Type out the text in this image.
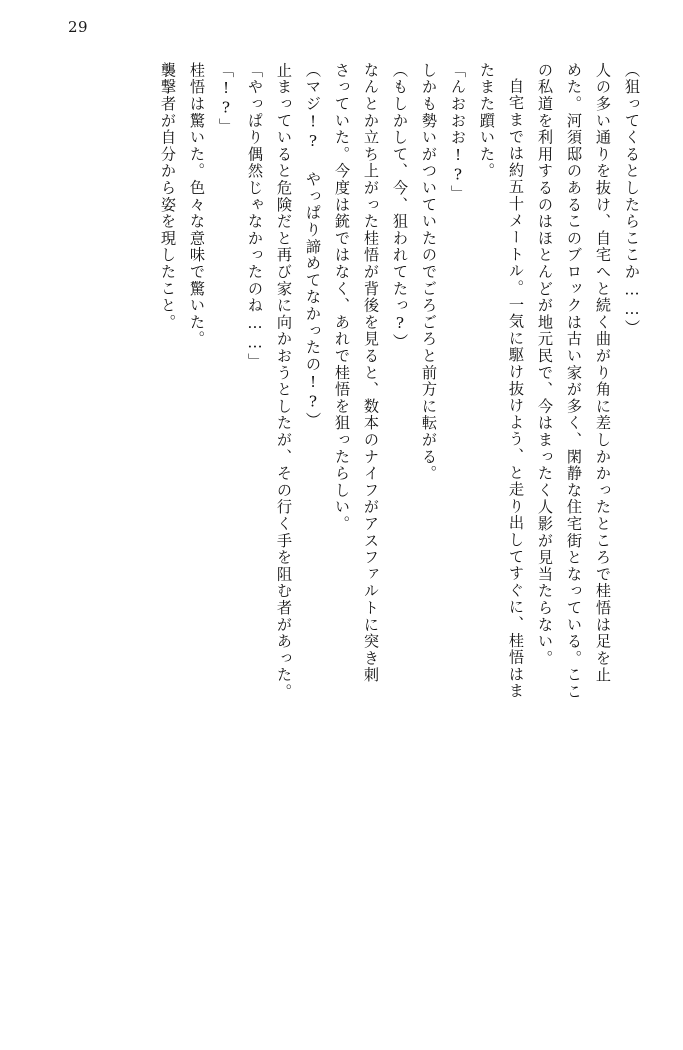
29
（狙ってくるとしたらここか……）
人の多い通りを抜け、自宅へと続く曲がり角に差しかかったところで桂悟は足を止
めた。河須邸のあるこのブロックは古い家が多く、閑静な住宅街となっている。ここ
の私道を利用するのはほとんどが地元民で、今はまったく人影が見当たらない。
自宅までは約五十メートル。一気に駆け抜けよう、と走り出してすぐに、桂悟はま
たまた躓いた。
「んおおお!?」
しかも勢いがついていたのでごろごろと前方に転がる。
（もしかして、今、狙われてたっ?）
なんとか立ち上がった桂悟が背後を見ると、数本のナイフがアスファルトに突き刺
さっていた。今度は銃ではなく、あれで桂悟を狙ったらしい。
（マジ!? やっぱり諦めてなかったの!?）
止まっていると危険だと再び家に向かおうとしたが、その行く手を阻む者があった。
「やっぱり偶然じゃなかったのね……」
「!?」
桂悟は驚いた。色々な意味で驚いた。
襲撃者が自分から姿を現したこと。
